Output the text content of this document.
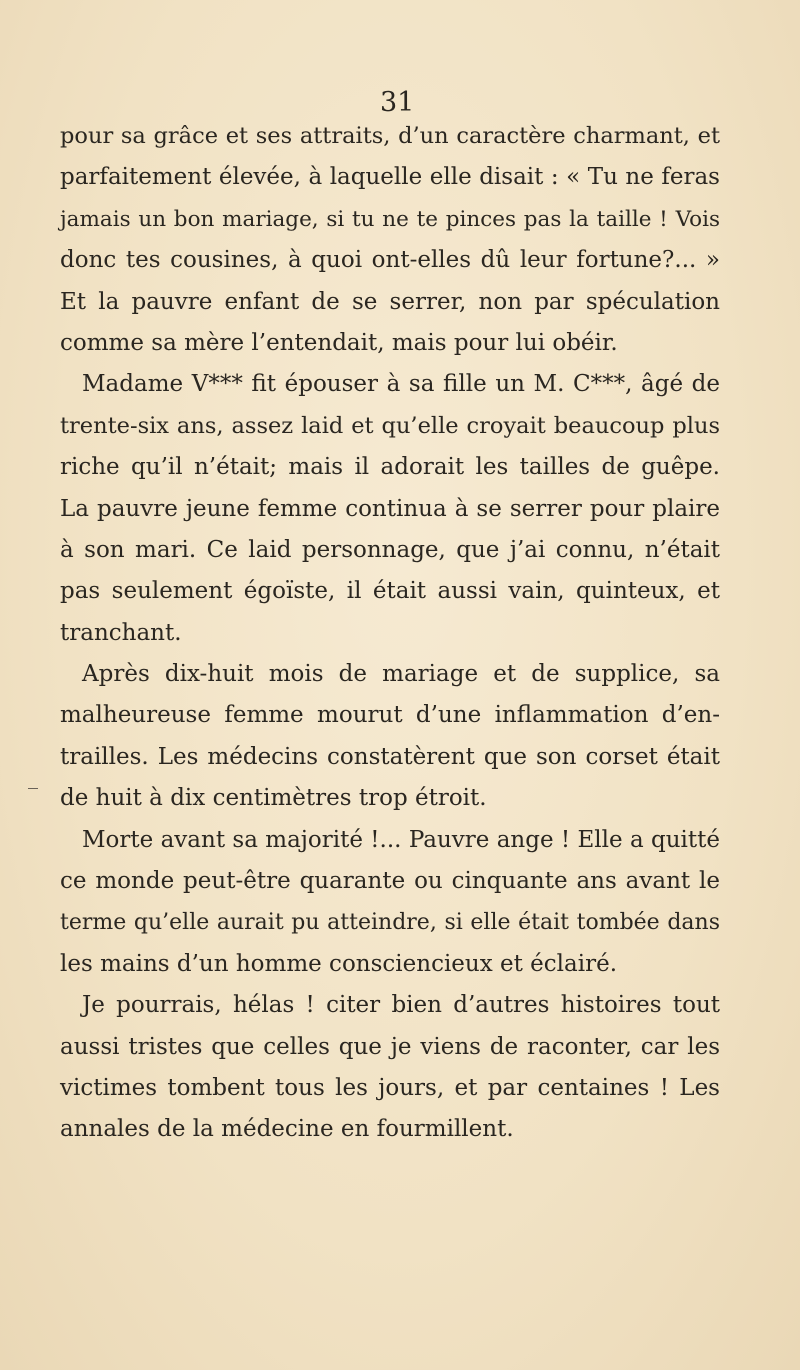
31
pour sa grâce et ses attraits, d’un caractère charmant, et
parfaitement élevée, à laquelle elle disait : « Tu ne feras
jamais un bon mariage, si tu ne te pinces pas la taille ! Vois
donc tes cousines, à quoi ont-elles dû leur fortune?... »
Et la pauvre enfant de se serrer, non par spéculation
comme sa mère l’entendait, mais pour lui obéir.
Madame V*** fit épouser à sa fille un M. C***, âgé de
trente-six ans, assez laid et qu’elle croyait beaucoup plus
riche qu’il n’était; mais il adorait les tailles de guêpe.
La pauvre jeune femme continua à se serrer pour plaire
à son mari. Ce laid personnage, que j’ai connu, n’était
pas seulement égoïste, il était aussi vain, quinteux, et
tranchant.
Après dix-huit mois de mariage et de supplice, sa
malheureuse femme mourut d’une inflammation d’en-
trailles. Les médecins constatèrent que son corset était
de huit à dix centimètres trop étroit.
Morte avant sa majorité !... Pauvre ange ! Elle a quitté
ce monde peut-être quarante ou cinquante ans avant le
terme qu’elle aurait pu atteindre, si elle était tombée dans
les mains d’un homme consciencieux et éclairé.
Je pourrais, hélas ! citer bien d’autres histoires tout
aussi tristes que celles que je viens de raconter, car les
victimes tombent tous les jours, et par centaines ! Les
annales de la médecine en fourmillent.
